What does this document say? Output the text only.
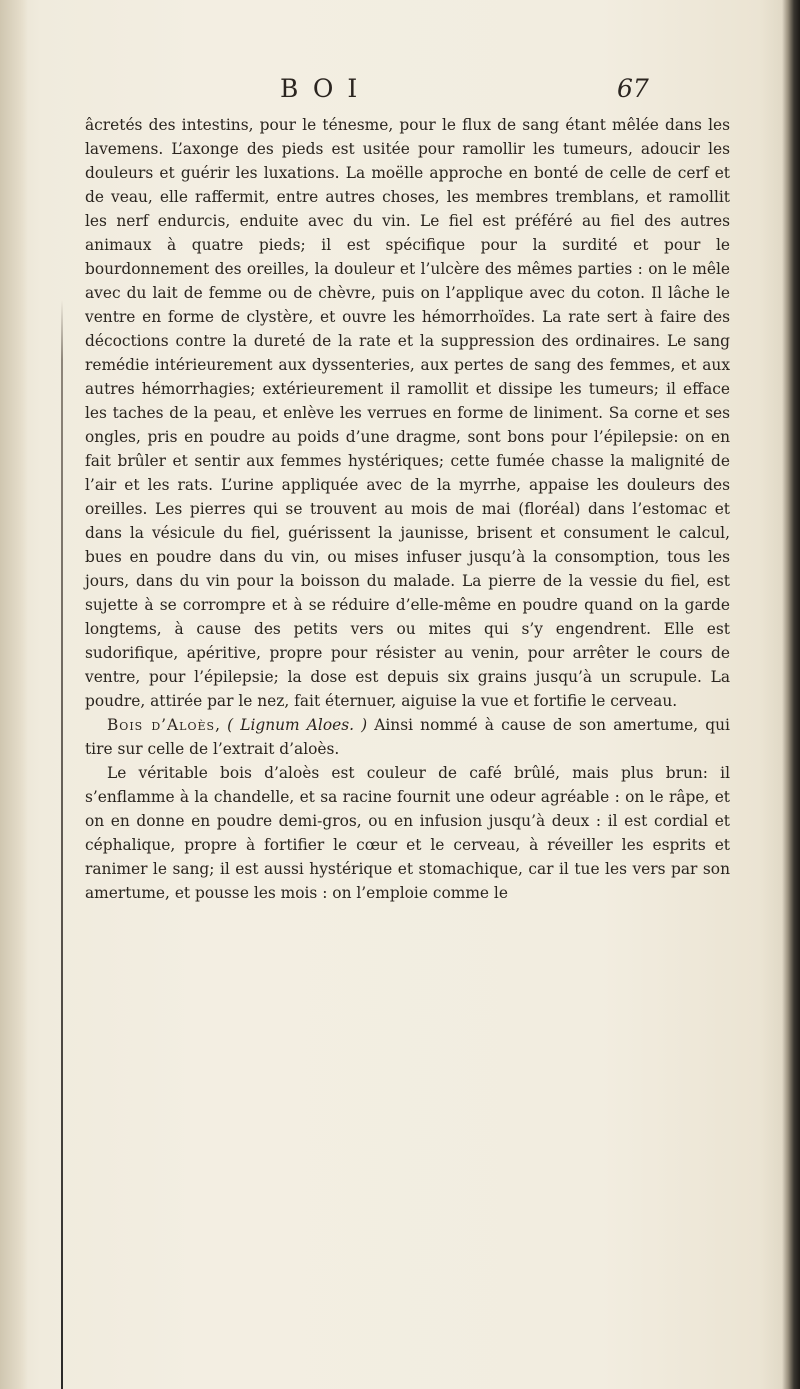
BOI	67

âcretés des intestins, pour le ténesme, pour le flux de sang étant mêlée dans les lavemens. L’axonge des pieds est usitée pour ramollir les tumeurs, adoucir les douleurs et guérir les luxations. La moëlle approche en bonté de celle de cerf et de veau, elle raffermit, entre autres choses, les membres tremblans, et ramollit les nerf endurcis, enduite avec du vin. Le fiel est préféré au fiel des autres animaux à quatre pieds; il est spécifique pour la surdité et pour le bourdonnement des oreilles, la douleur et l’ulcère des mêmes parties : on le mêle avec du lait de femme ou de chèvre, puis on l’applique avec du coton. Il lâche le ventre en forme de clystère, et ouvre les hémorrhoïdes. La rate sert à faire des décoctions contre la dureté de la rate et la suppression des ordinaires. Le sang remédie intérieurement aux dyssenteries, aux pertes de sang des femmes, et aux autres hémorrhagies; extérieurement il ramollit et dissipe les tumeurs; il efface les taches de la peau, et enlève les verrues en forme de liniment. Sa corne et ses ongles, pris en poudre au poids d’une dragme, sont bons pour l’épilepsie: on en fait brûler et sentir aux femmes hystériques; cette fumée chasse la malignité de l’air et les rats. L’urine appliquée avec de la myrrhe, appaise les douleurs des oreilles. Les pierres qui se trouvent au mois de mai (floréal) dans l’estomac et dans la vésicule du fiel, guérissent la jaunisse, brisent et consument le calcul, bues en poudre dans du vin, ou mises infuser jusqu’à la consomption, tous les jours, dans du vin pour la boisson du malade. La pierre de la vessie du fiel, est sujette à se corrompre et à se réduire d’elle-même en poudre quand on la garde longtems, à cause des petits vers ou mites qui s’y engendrent. Elle est sudorifique, apéritive, propre pour résister au venin, pour arrêter le cours de ventre, pour l’épilepsie; la dose est depuis six grains jusqu’à un scrupule. La poudre, attirée par le nez, fait éternuer, aiguise la vue et fortifie le cerveau.

Bois d’Aloès, ( Lignum Aloes. ) Ainsi nommé à cause de son amertume, qui tire sur celle de l’extrait d’aloès.

Le véritable bois d’aloès est couleur de café brûlé, mais plus brun: il s’enflamme à la chandelle, et sa racine fournit une odeur agréable : on le râpe, et on en donne en poudre demi-gros, ou en infusion jusqu’à deux : il est cordial et céphalique, propre à fortifier le cœur et le cerveau, à réveiller les esprits et ranimer le sang; il est aussi hystérique et stomachique, car il tue les vers par son amertume, et pousse les mois : on l’emploie comme le
